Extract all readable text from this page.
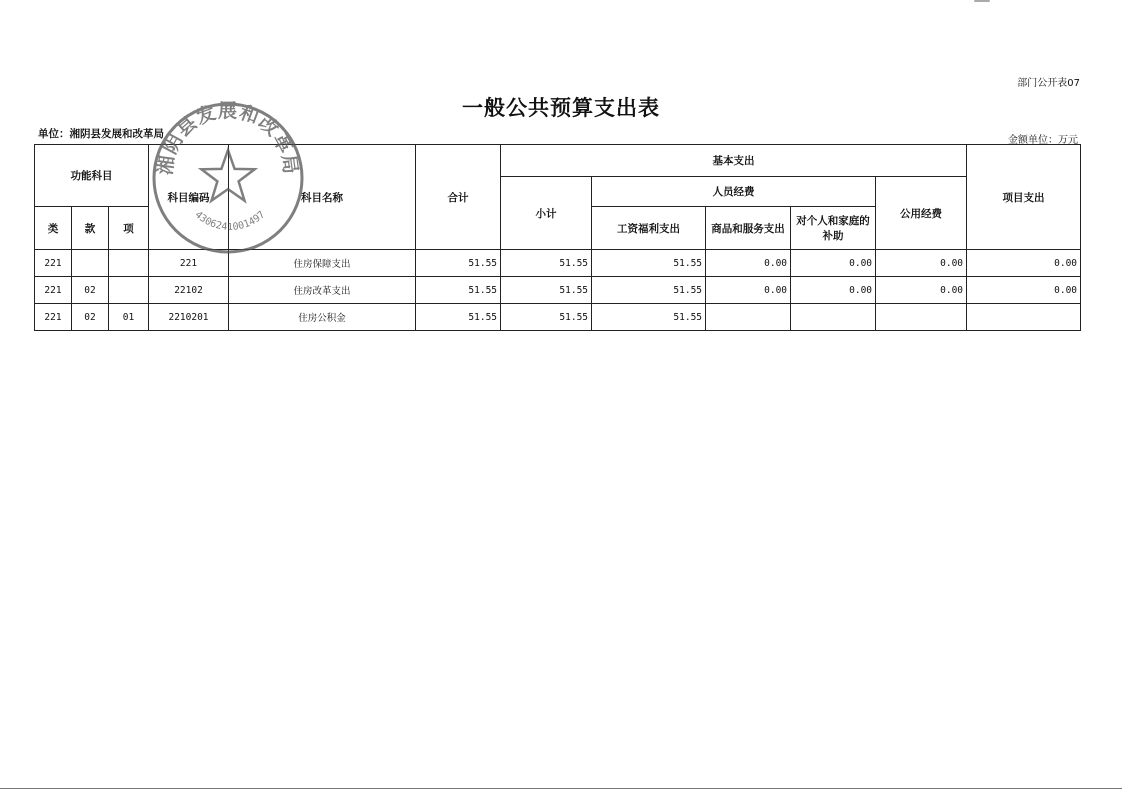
部门公开表07
一般公共预算支出表
单位：湘阴县发展和改革局
金额单位：万元
功能科目			科目编码	科目名称	合计	基本支出					项目支出
						小计	人员经费			公用经费	
类	款	项					工资福利支出	商品和服务支出	对个人和家庭的补助		
221			221	住房保障支出	51.55	51.55	51.55	0.00	0.00	0.00	0.00
221	02		22102	住房改革支出	51.55	51.55	51.55	0.00	0.00	0.00	0.00
221	02	01	2210201	住房公积金	51.55	51.55	51.55				
湘阴县发展和改革局
4306241001497
